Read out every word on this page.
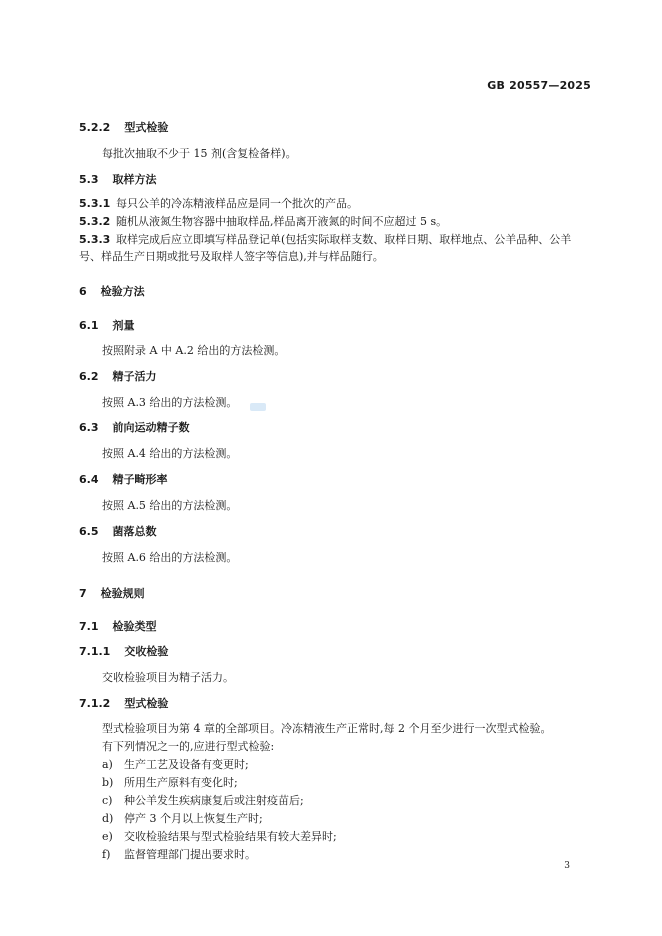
GB 20557—2025
5.2.2 型式检验
每批次抽取不少于 15 剂(含复检备样)。
5.3 取样方法
5.3.1 每只公羊的冷冻精液样品应是同一个批次的产品。
5.3.2 随机从液氮生物容器中抽取样品,样品离开液氮的时间不应超过 5 s。
5.3.3 取样完成后应立即填写样品登记单(包括实际取样支数、取样日期、取样地点、公羊品种、公羊
号、样品生产日期或批号及取样人签字等信息),并与样品随行。
6 检验方法
6.1 剂量
按照附录 A 中 A.2 给出的方法检测。
6.2 精子活力
按照 A.3 给出的方法检测。
6.3 前向运动精子数
按照 A.4 给出的方法检测。
6.4 精子畸形率
按照 A.5 给出的方法检测。
6.5 菌落总数
按照 A.6 给出的方法检测。
7 检验规则
7.1 检验类型
7.1.1 交收检验
交收检验项目为精子活力。
7.1.2 型式检验
型式检验项目为第 4 章的全部项目。冷冻精液生产正常时,每 2 个月至少进行一次型式检验。
有下列情况之一的,应进行型式检验:
a) 生产工艺及设备有变更时;
b) 所用生产原料有变化时;
c) 种公羊发生疾病康复后或注射疫苗后;
d) 停产 3 个月以上恢复生产时;
e) 交收检验结果与型式检验结果有较大差异时;
f) 监督管理部门提出要求时。
3
